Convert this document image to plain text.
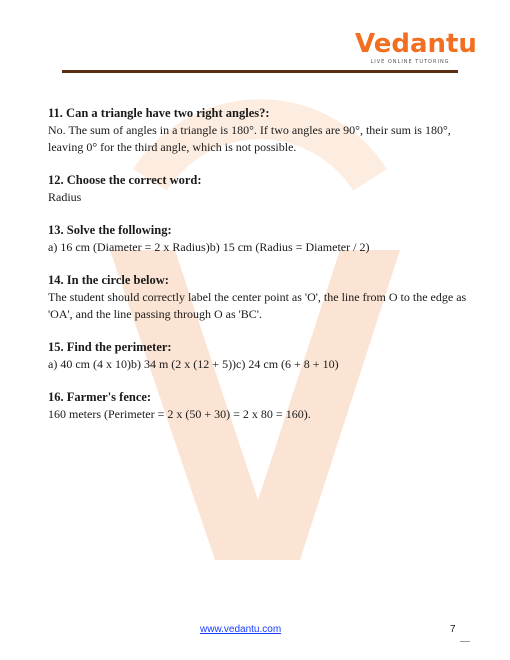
Vedantu
LIVE ONLINE TUTORING
11. Can a triangle have two right angles?:
No. The sum of angles in a triangle is 180°. If two angles are 90°, their sum is 180°, leaving 0° for the third angle, which is not possible.
12. Choose the correct word:
Radius
13. Solve the following:
a) 16 cm (Diameter = 2 x Radius)b) 15 cm (Radius = Diameter / 2)
14. In the circle below:
The student should correctly label the center point as 'O', the line from O to the edge as 'OA', and the line passing through O as 'BC'.
15. Find the perimeter:
a) 40 cm (4 x 10)b) 34 m (2 x (12 + 5))c) 24 cm (6 + 8 + 10)
16. Farmer's fence:
160 meters (Perimeter = 2 x (50 + 30) = 2 x 80 = 160).
www.vedantu.com	7
